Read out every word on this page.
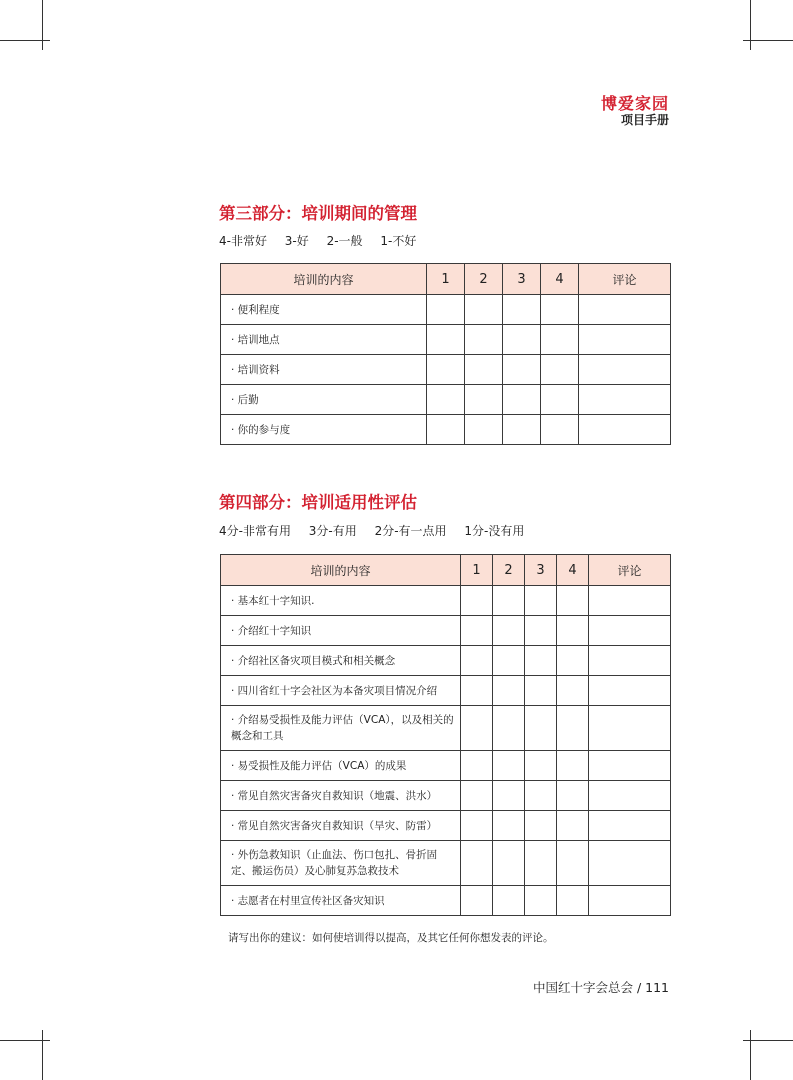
博爱家园
项目手册
第三部分：培训期间的管理
4-非常好 3-好 2-一般 1-不好
培训的内容	1	2	3	4	评论
· 便利程度					
· 培训地点					
· 培训资料					
· 后勤					
· 你的参与度					
第四部分：培训适用性评估
4分-非常有用 3分-有用 2分-有一点用 1分-没有用
培训的内容	1	2	3	4	评论
· 基本红十字知识.					
· 介绍红十字知识					
· 介绍社区备灾项目模式和相关概念					
· 四川省红十字会社区为本备灾项目情况介绍					
· 介绍易受损性及能力评估（VCA），以及相关的概念和工具					
· 易受损性及能力评估（VCA）的成果					
· 常见自然灾害备灾自救知识（地震、洪水）					
· 常见自然灾害备灾自救知识（旱灾、防雷）					
· 外伤急救知识（止血法、伤口包扎、骨折固定、搬运伤员）及心肺复苏急救技术					
· 志愿者在村里宣传社区备灾知识					
请写出你的建议：如何使培训得以提高，及其它任何你想发表的评论。
中国红十字会总会 / 111
